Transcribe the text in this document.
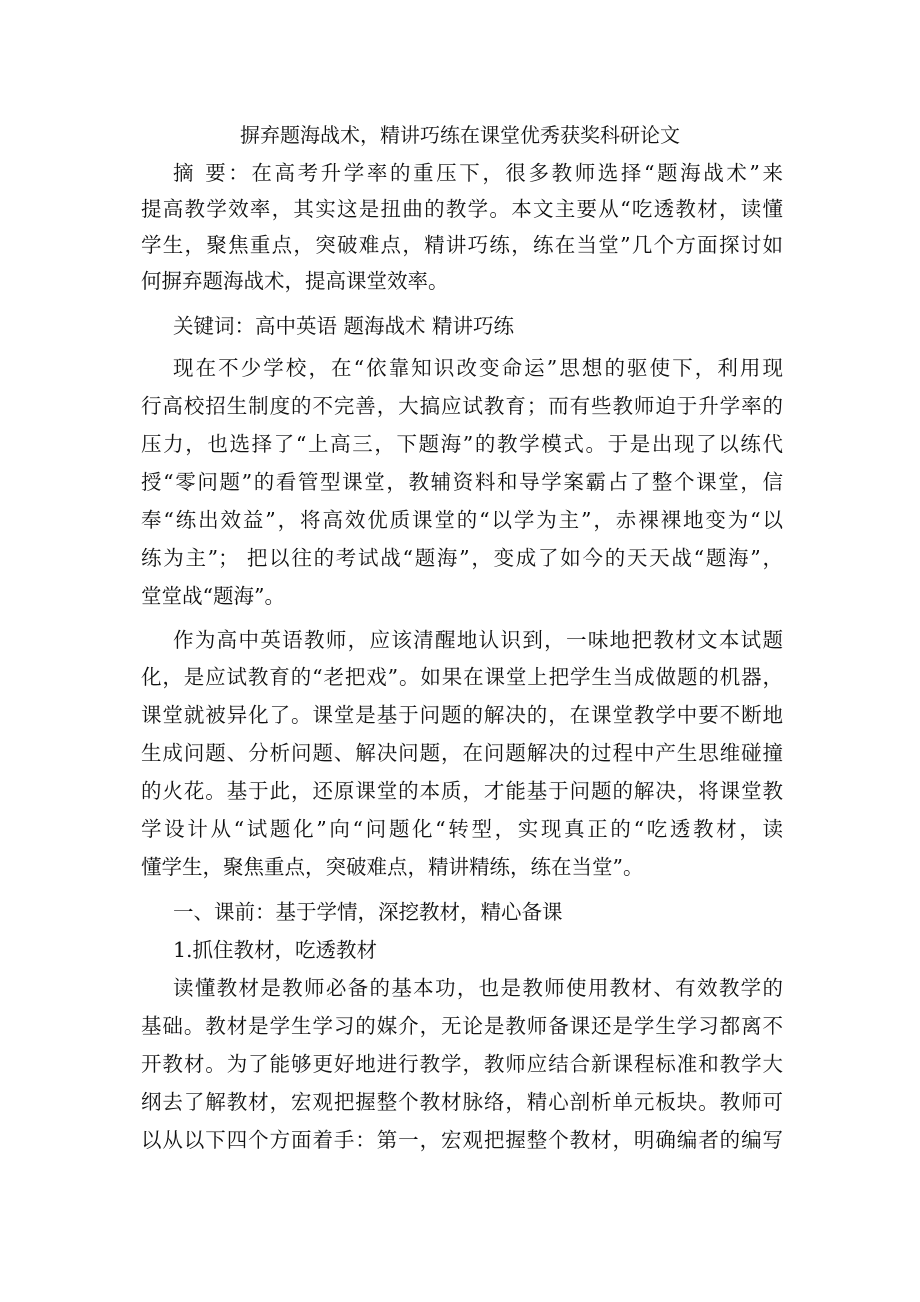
摒弃题海战术，精讲巧练在课堂优秀获奖科研论文
摘 要：在高考升学率的重压下，很多教师选择“题海战术”来
提高教学效率，其实这是扭曲的教学。本文主要从“吃透教材，读懂
学生，聚焦重点，突破难点，精讲巧练，练在当堂”几个方面探讨如
何摒弃题海战术，提高课堂效率。
关键词：高中英语 题海战术 精讲巧练
现在不少学校，在“依靠知识改变命运”思想的驱使下，利用现
行高校招生制度的不完善，大搞应试教育；而有些教师迫于升学率的
压力，也选择了“上高三，下题海”的教学模式。于是出现了以练代
授“零问题”的看管型课堂，教辅资料和导学案霸占了整个课堂，信
奉“练出效益”，将高效优质课堂的“以学为主”，赤裸裸地变为“以
练为主”； 把以往的考试战“题海”，变成了如今的天天战“题海”，
堂堂战“题海”。
作为高中英语教师，应该清醒地认识到，一味地把教材文本试题
化，是应试教育的“老把戏”。如果在课堂上把学生当成做题的机器，
课堂就被异化了。课堂是基于问题的解决的，在课堂教学中要不断地
生成问题、分析问题、解决问题，在问题解决的过程中产生思维碰撞
的火花。基于此，还原课堂的本质，才能基于问题的解决，将课堂教
学设计从“试题化”向“问题化“转型，实现真正的“吃透教材，读
懂学生，聚焦重点，突破难点，精讲精练，练在当堂”。
一、课前：基于学情，深挖教材，精心备课
1.抓住教材，吃透教材
读懂教材是教师必备的基本功，也是教师使用教材、有效教学的
基础。教材是学生学习的媒介，无论是教师备课还是学生学习都离不
开教材。为了能够更好地进行教学，教师应结合新课程标准和教学大
纲去了解教材，宏观把握整个教材脉络，精心剖析单元板块。教师可
以从以下四个方面着手：第一，宏观把握整个教材，明确编者的编写
